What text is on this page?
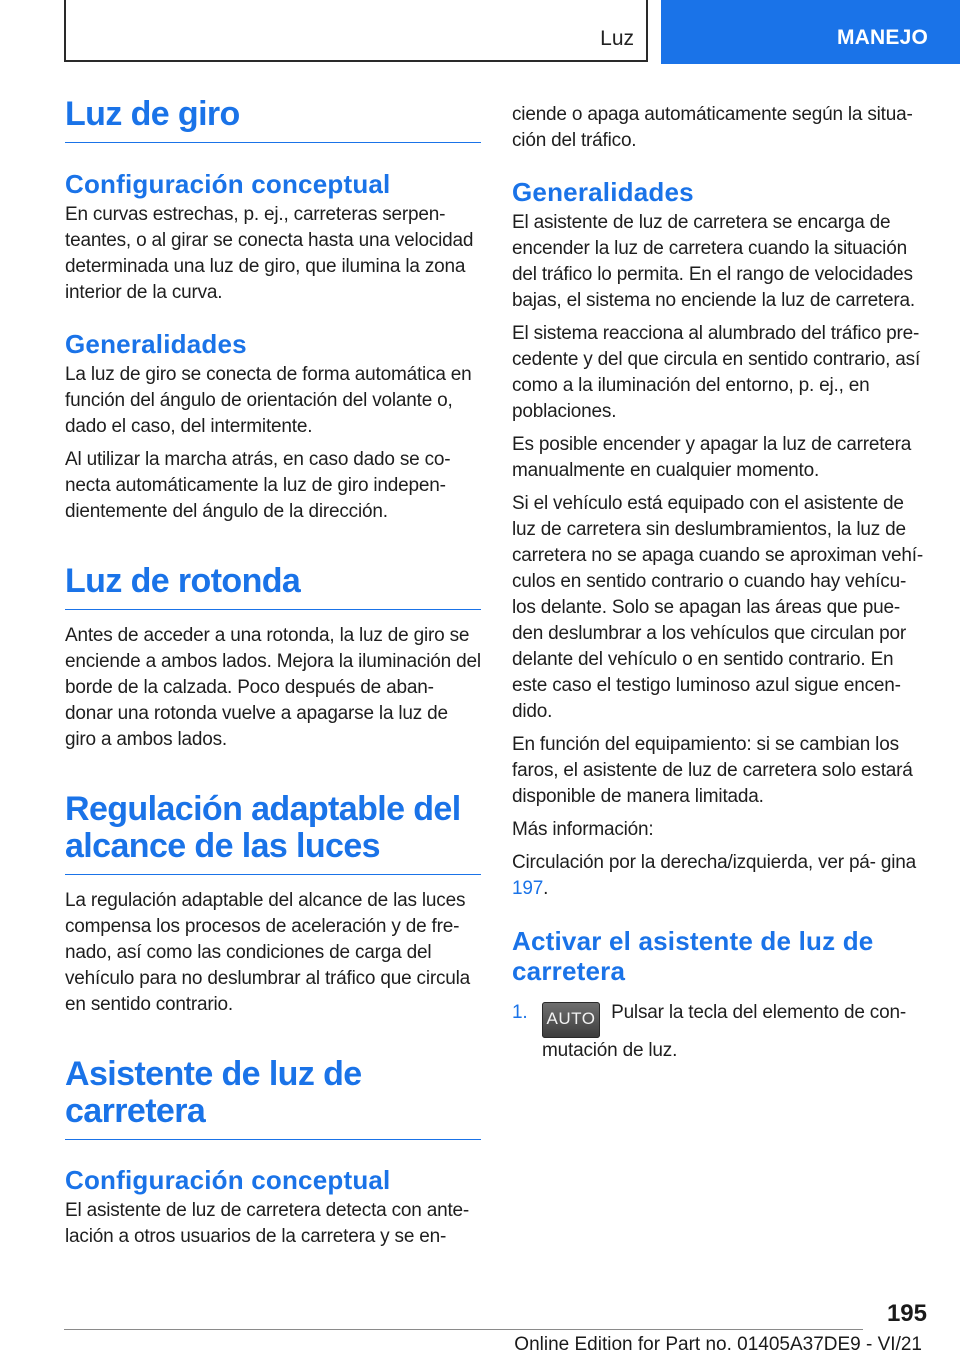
Luz	MANEJO
Luz de giro
Configuración conceptual

En curvas estrechas, p. ej., carreteras serpen‐ teantes, o al girar se conecta hasta una velocidad determinada una luz de giro, que ilumina la zona interior de la curva.

Generalidades

La luz de giro se conecta de forma automática en función del ángulo de orientación del volante o, dado el caso, del intermitente.

Al utilizar la marcha atrás, en caso dado se co‐ necta automáticamente la luz de giro indepen‐ dientemente del ángulo de la dirección.

Luz de rotonda

Antes de acceder a una rotonda, la luz de giro se enciende a ambos lados. Mejora la iluminación del borde de la calzada. Poco después de aban‐ donar una rotonda vuelve a apagarse la luz de giro a ambos lados.

Regulación adaptable del alcance de las luces

La regulación adaptable del alcance de las luces compensa los procesos de aceleración y de fre‐ nado, así como las condiciones de carga del vehículo para no deslumbrar al tráfico que circula en sentido contrario.

Asistente de luz de carretera
Configuración conceptual

El asistente de luz de carretera detecta con ante‐ lación a otros usuarios de la carretera y se en‐

ciende o apaga automáticamente según la situa‐ ción del tráfico.

Generalidades

El asistente de luz de carretera se encarga de encender la luz de carretera cuando la situación del tráfico lo permita. En el rango de velocidades bajas, el sistema no enciende la luz de carretera.

El sistema reacciona al alumbrado del tráfico pre‐ cedente y del que circula en sentido contrario, así como a la iluminación del entorno, p. ej., en poblaciones.

Es posible encender y apagar la luz de carretera manualmente en cualquier momento.

Si el vehículo está equipado con el asistente de luz de carretera sin deslumbramientos, la luz de carretera no se apaga cuando se aproximan vehí‐ culos en sentido contrario o cuando hay vehícu‐ los delante. Solo se apagan las áreas que pue‐ den deslumbrar a los vehículos que circulan por delante del vehículo o en sentido contrario. En este caso el testigo luminoso azul sigue encen‐ dido.

En función del equipamiento: si se cambian los faros, el asistente de luz de carretera solo estará disponible de manera limitada.

Más información:

Circulación por la derecha/izquierda, ver pá‐ gina 197.

Activar el asistente de luz de carretera

1. AUTO Pulsar la tecla del elemento de con‐ mutación de luz.

195
Online Edition for Part no. 01405A37DE9 - VI/21
